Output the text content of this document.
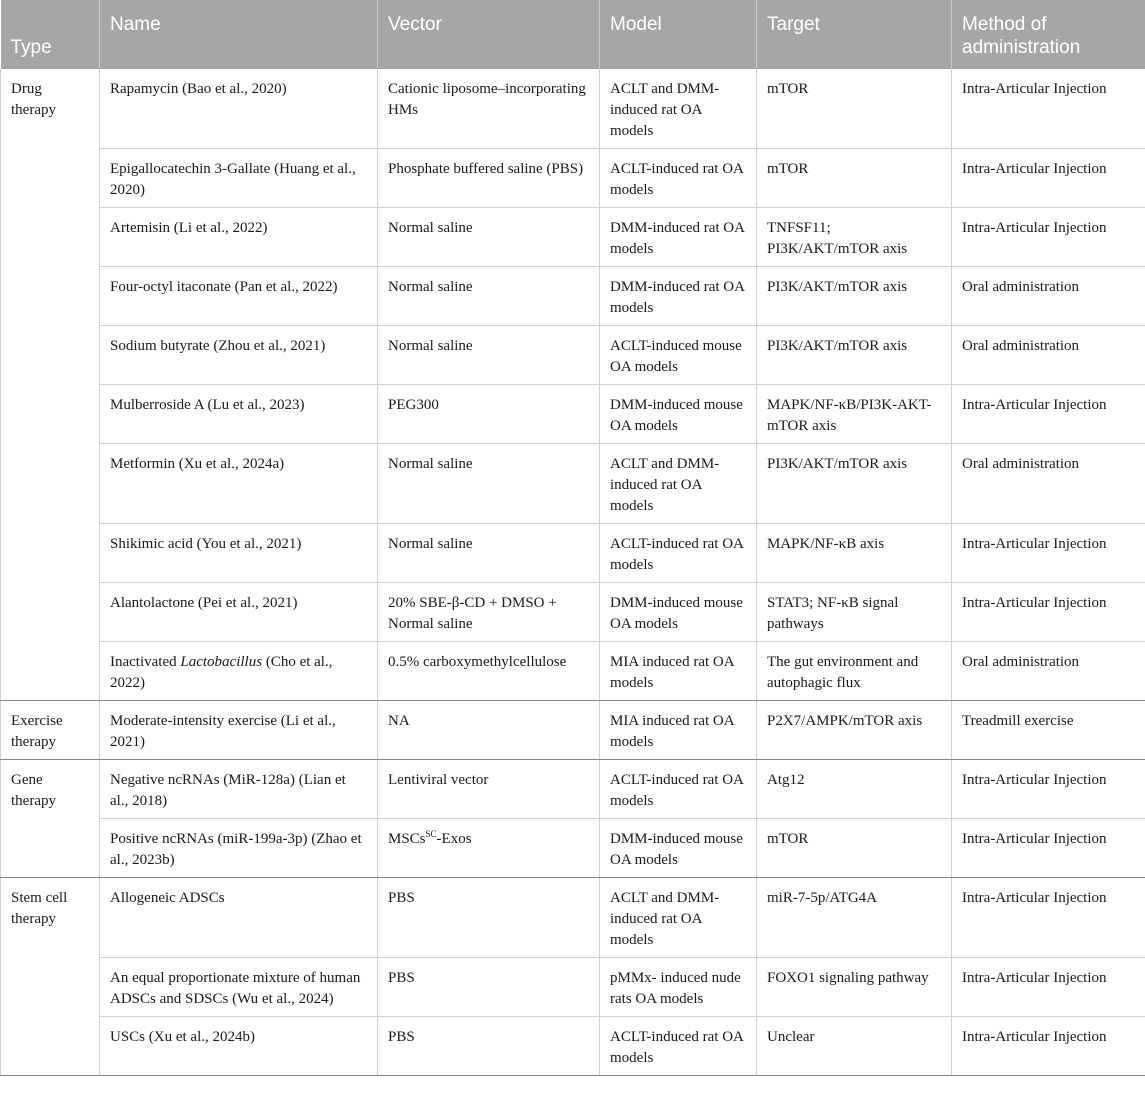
Type	Name	Vector	Model	Target	Method of administration
Drug therapy	Rapamycin (Bao et al., 2020)	Cationic liposome–incorporating HMs	ACLT and DMM-induced rat OA models	mTOR	Intra-Articular Injection
	Epigallocatechin 3-Gallate (Huang et al., 2020)	Phosphate buffered saline (PBS)	ACLT-induced rat OA models	mTOR	Intra-Articular Injection
	Artemisin (Li et al., 2022)	Normal saline	DMM-induced rat OA models	TNFSF11; PI3K/AKT/mTOR axis	Intra-Articular Injection
	Four-octyl itaconate (Pan et al., 2022)	Normal saline	DMM-induced rat OA models	PI3K/AKT/mTOR axis	Oral administration
	Sodium butyrate (Zhou et al., 2021)	Normal saline	ACLT-induced mouse OA models	PI3K/AKT/mTOR axis	Oral administration
	Mulberroside A (Lu et al., 2023)	PEG300	DMM-induced mouse OA models	MAPK/NF-κB/PI3K-AKT-mTOR axis	Intra-Articular Injection
	Metformin (Xu et al., 2024a)	Normal saline	ACLT and DMM-induced rat OA models	PI3K/AKT/mTOR axis	Oral administration
	Shikimic acid (You et al., 2021)	Normal saline	ACLT-induced rat OA models	MAPK/NF-κB axis	Intra-Articular Injection
	Alantolactone (Pei et al., 2021)	20% SBE-β-CD + DMSO + Normal saline	DMM-induced mouse OA models	STAT3; NF-κB signal pathways	Intra-Articular Injection
	Inactivated Lactobacillus (Cho et al., 2022)	0.5% carboxymethylcellulose	MIA induced rat OA models	The gut environment and autophagic flux	Oral administration
Exercise therapy	Moderate-intensity exercise (Li et al., 2021)	NA	MIA induced rat OA models	P2X7/AMPK/mTOR axis	Treadmill exercise
Gene therapy	Negative ncRNAs (MiR-128a) (Lian et al., 2018)	Lentiviral vector	ACLT-induced rat OA models	Atg12	Intra-Articular Injection
	Positive ncRNAs (miR-199a-3p) (Zhao et al., 2023b)	MSCs$^{SC}$-Exos	DMM-induced mouse OA models	mTOR	Intra-Articular Injection
Stem cell therapy	Allogeneic ADSCs	PBS	ACLT and DMM-induced rat OA models	miR-7-5p/ATG4A	Intra-Articular Injection
	An equal proportionate mixture of human ADSCs and SDSCs (Wu et al., 2024)	PBS	pMMx- induced nude rats OA models	FOXO1 signaling pathway	Intra-Articular Injection
	USCs (Xu et al., 2024b)	PBS	ACLT-induced rat OA models	Unclear	Intra-Articular Injection
